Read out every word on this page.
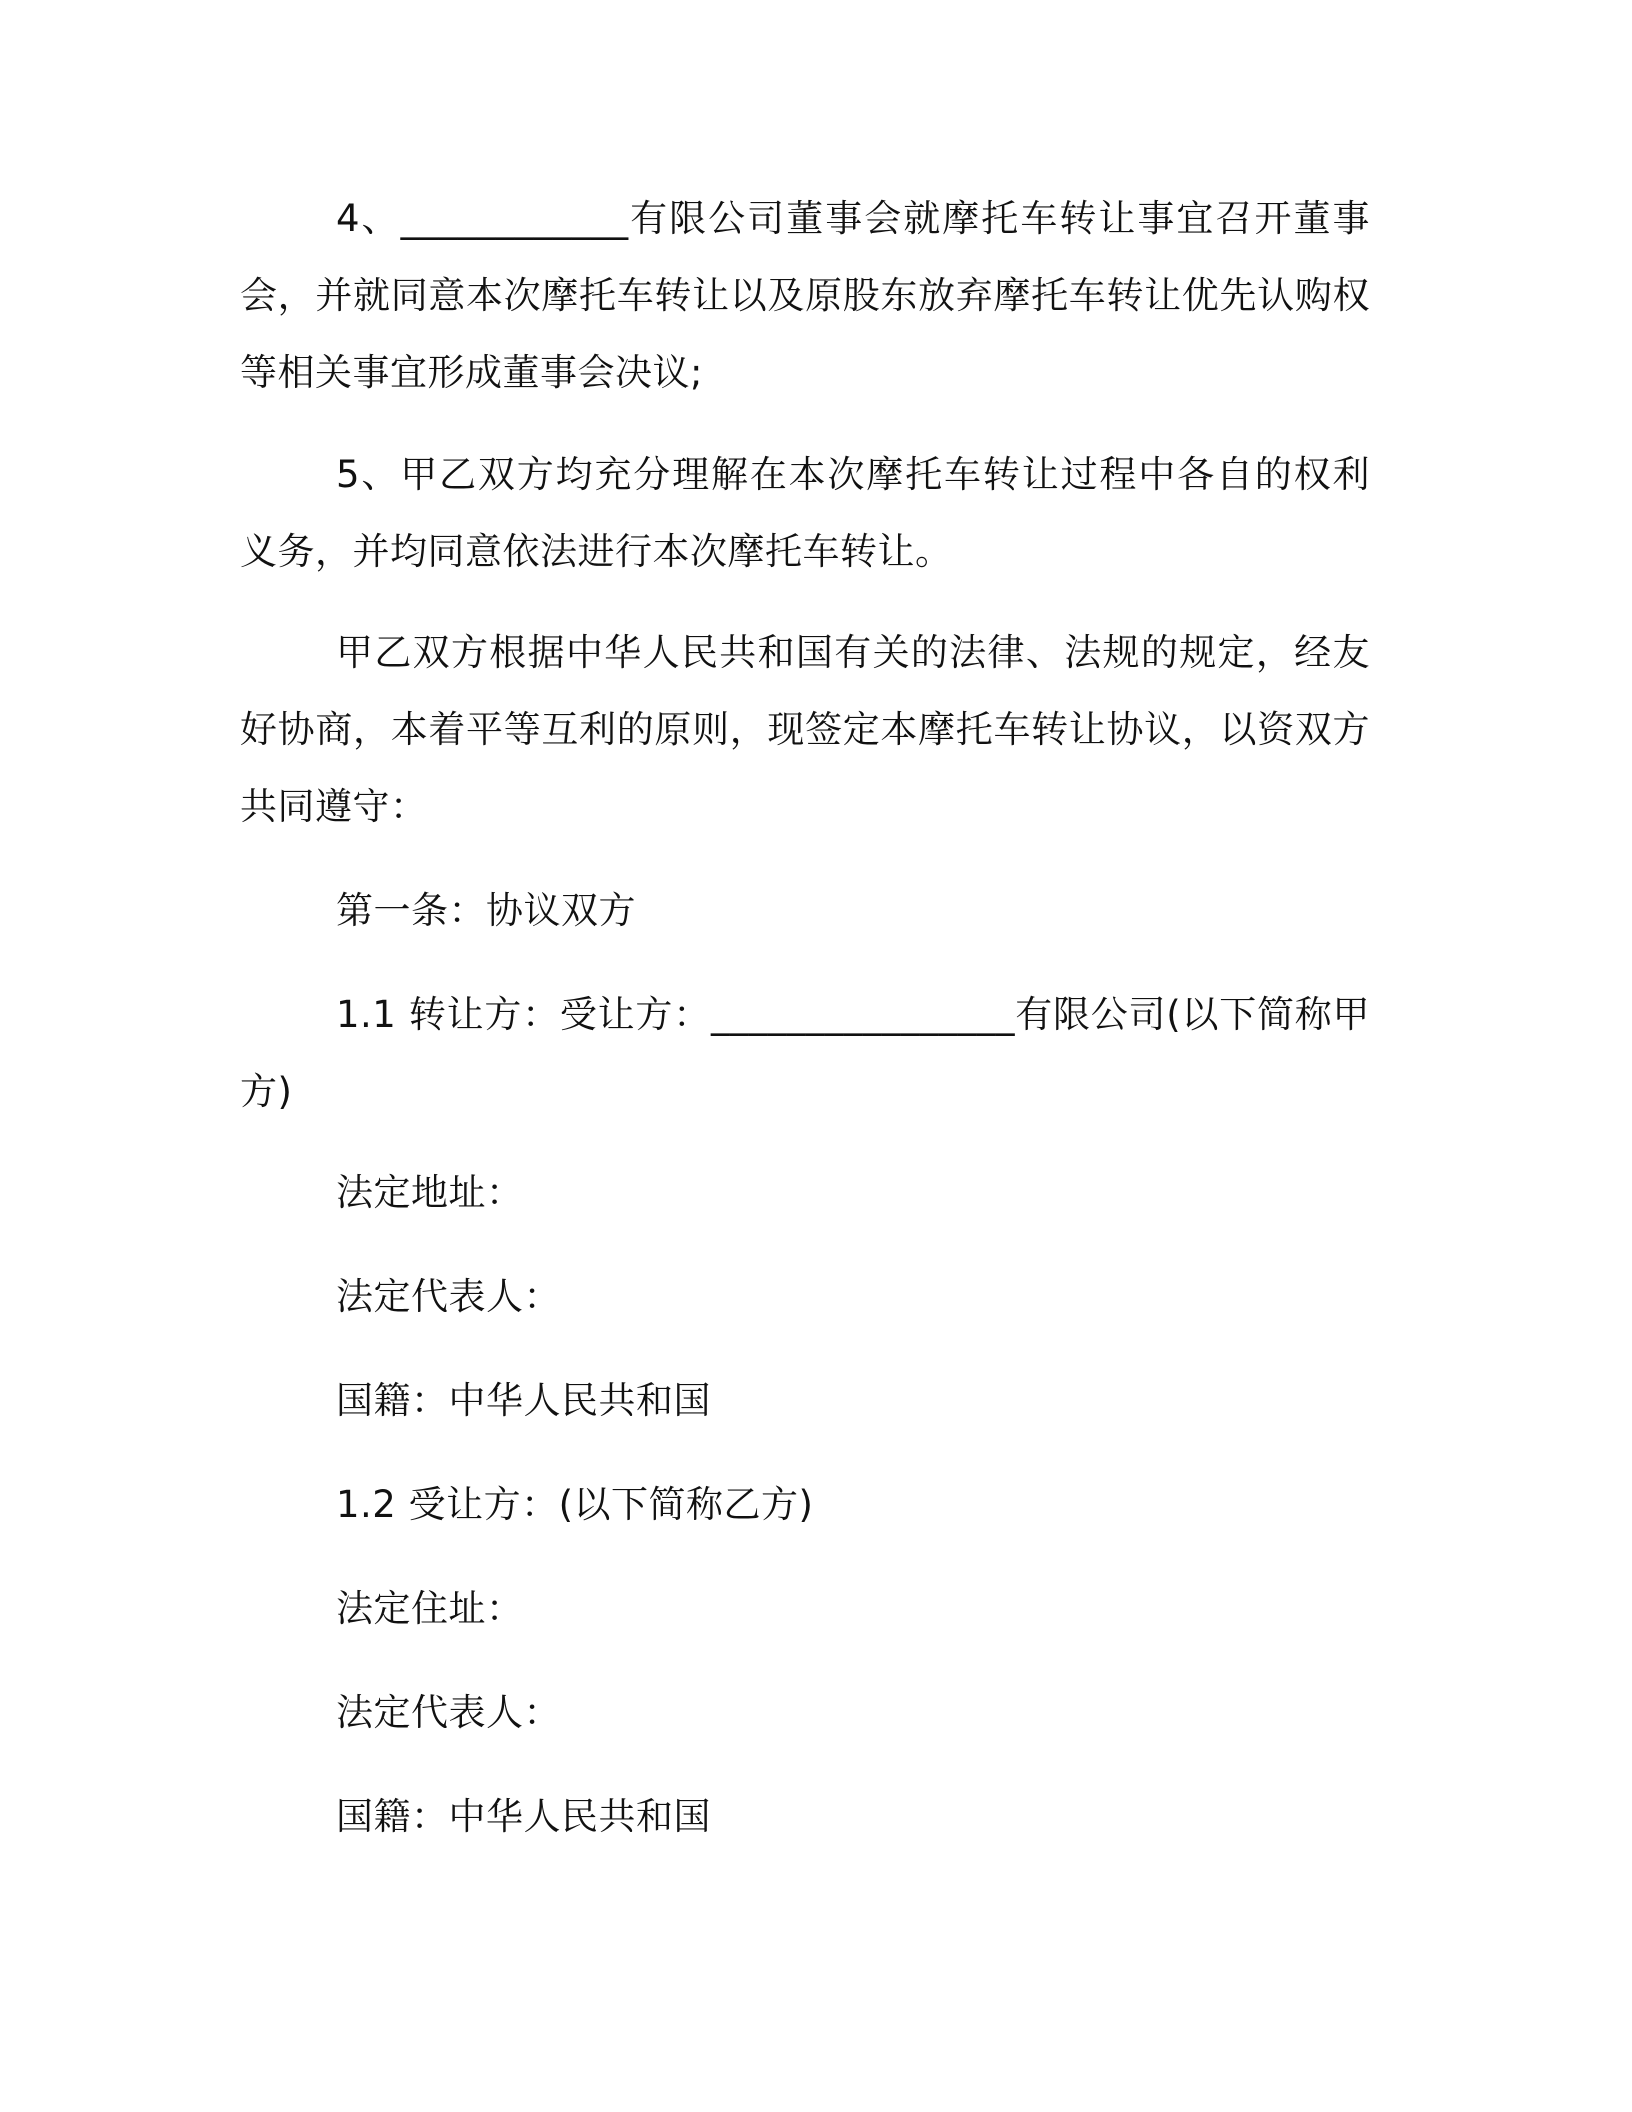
4、____________有限公司董事会就摩托车转让事宜召开董事会，并就同意本次摩托车转让以及原股东放弃摩托车转让优先认购权等相关事宜形成董事会决议;

5、甲乙双方均充分理解在本次摩托车转让过程中各自的权利义务，并均同意依法进行本次摩托车转让。

甲乙双方根据中华人民共和国有关的法律、法规的规定，经友好协商，本着平等互利的原则，现签定本摩托车转让协议，以资双方共同遵守：

第一条：协议双方

1.1 转让方：受让方：________________有限公司(以下简称甲方)

法定地址：

法定代表人：

国籍：中华人民共和国

1.2 受让方：(以下简称乙方)

法定住址：

法定代表人：

国籍：中华人民共和国
